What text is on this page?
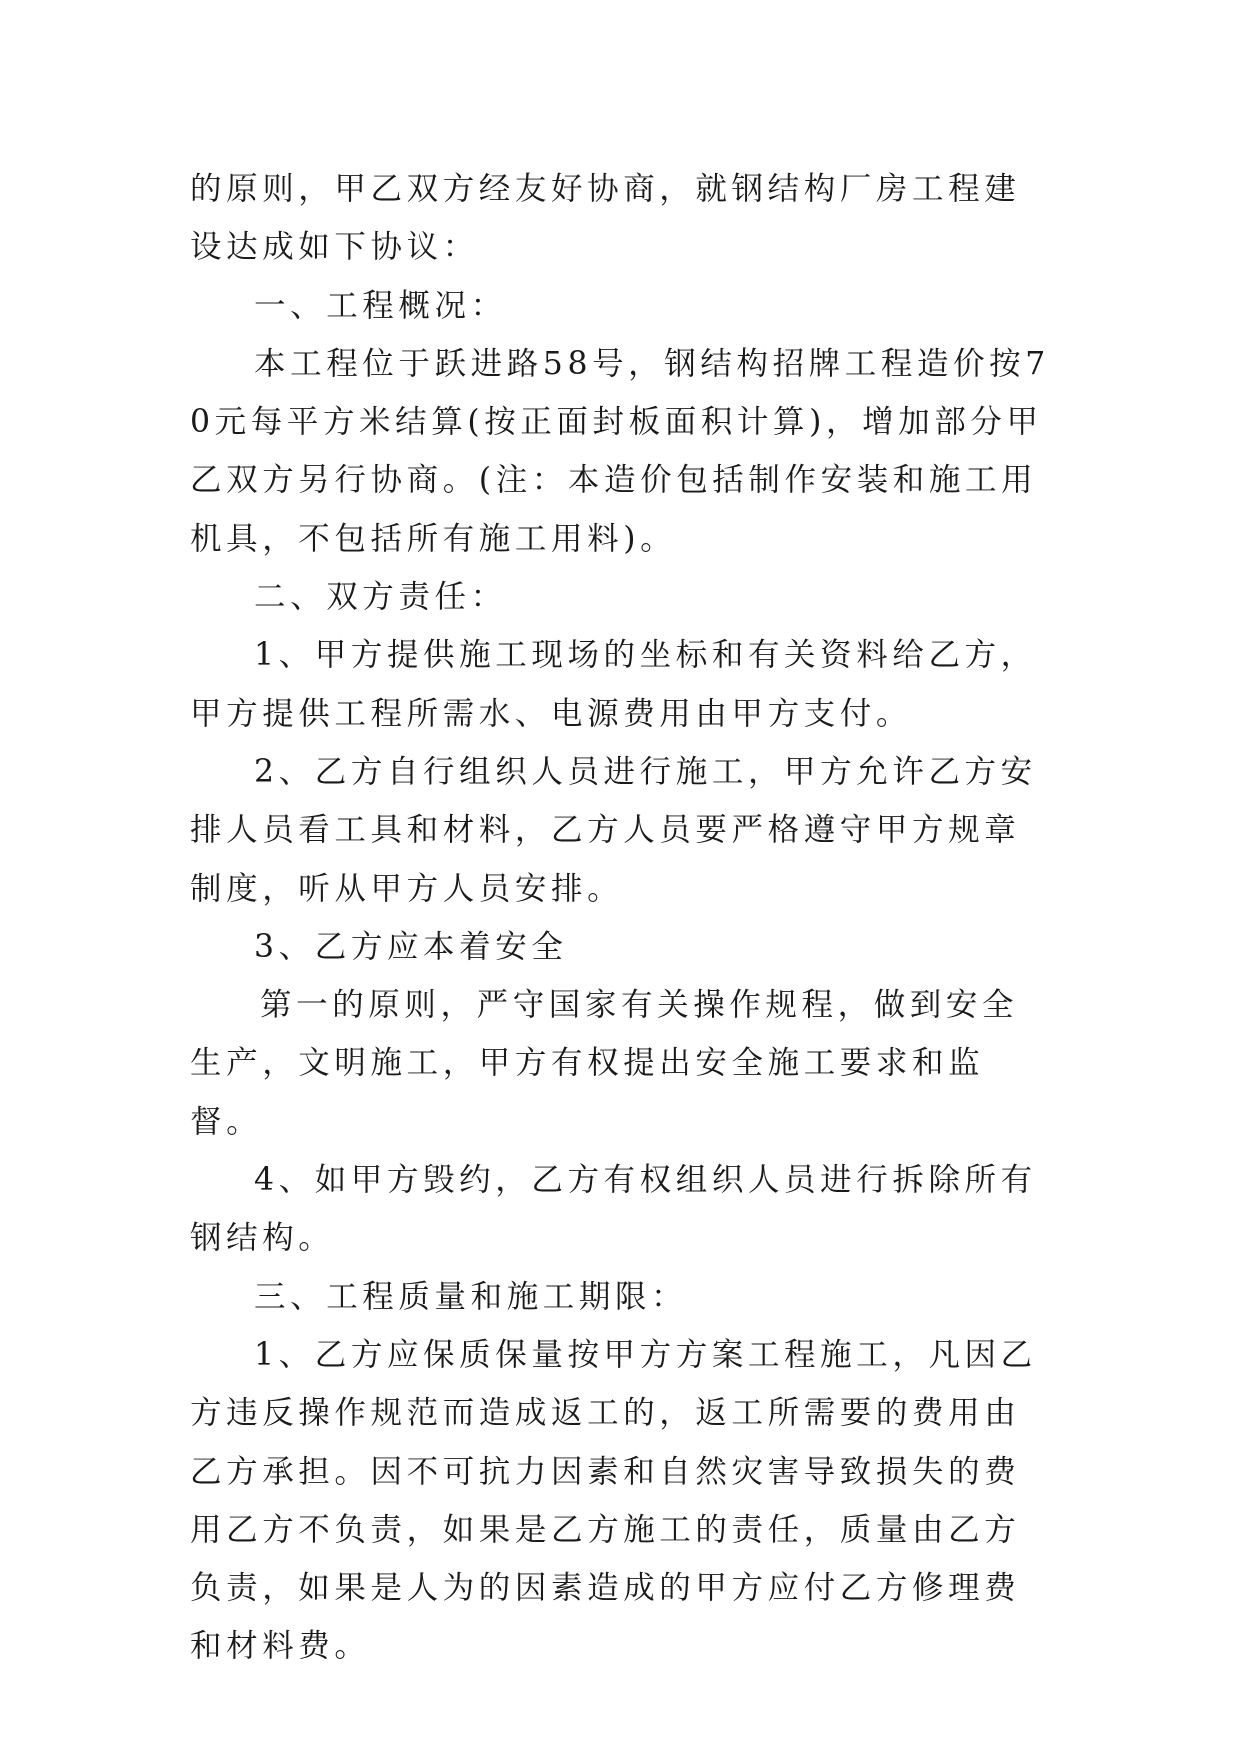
的原则，甲乙双方经友好协商，就钢结构厂房工程建设达成如下协议：

一、工程概况：

本工程位于跃进路58号，钢结构招牌工程造价按70元每平方米结算(按正面封板面积计算)，增加部分甲乙双方另行协商。(注：本造价包括制作安装和施工用机具，不包括所有施工用料)。

二、双方责任：

1、甲方提供施工现场的坐标和有关资料给乙方，甲方提供工程所需水、电源费用由甲方支付。

2、乙方自行组织人员进行施工，甲方允许乙方安排人员看工具和材料，乙方人员要严格遵守甲方规章制度，听从甲方人员安排。

3、乙方应本着安全

第一的原则，严守国家有关操作规程，做到安全生产，文明施工，甲方有权提出安全施工要求和监督。

4、如甲方毁约，乙方有权组织人员进行拆除所有钢结构。

三、工程质量和施工期限：

1、乙方应保质保量按甲方方案工程施工，凡因乙方违反操作规范而造成返工的，返工所需要的费用由乙方承担。因不可抗力因素和自然灾害导致损失的费用乙方不负责，如果是乙方施工的责任，质量由乙方负责，如果是人为的因素造成的甲方应付乙方修理费和材料费。
